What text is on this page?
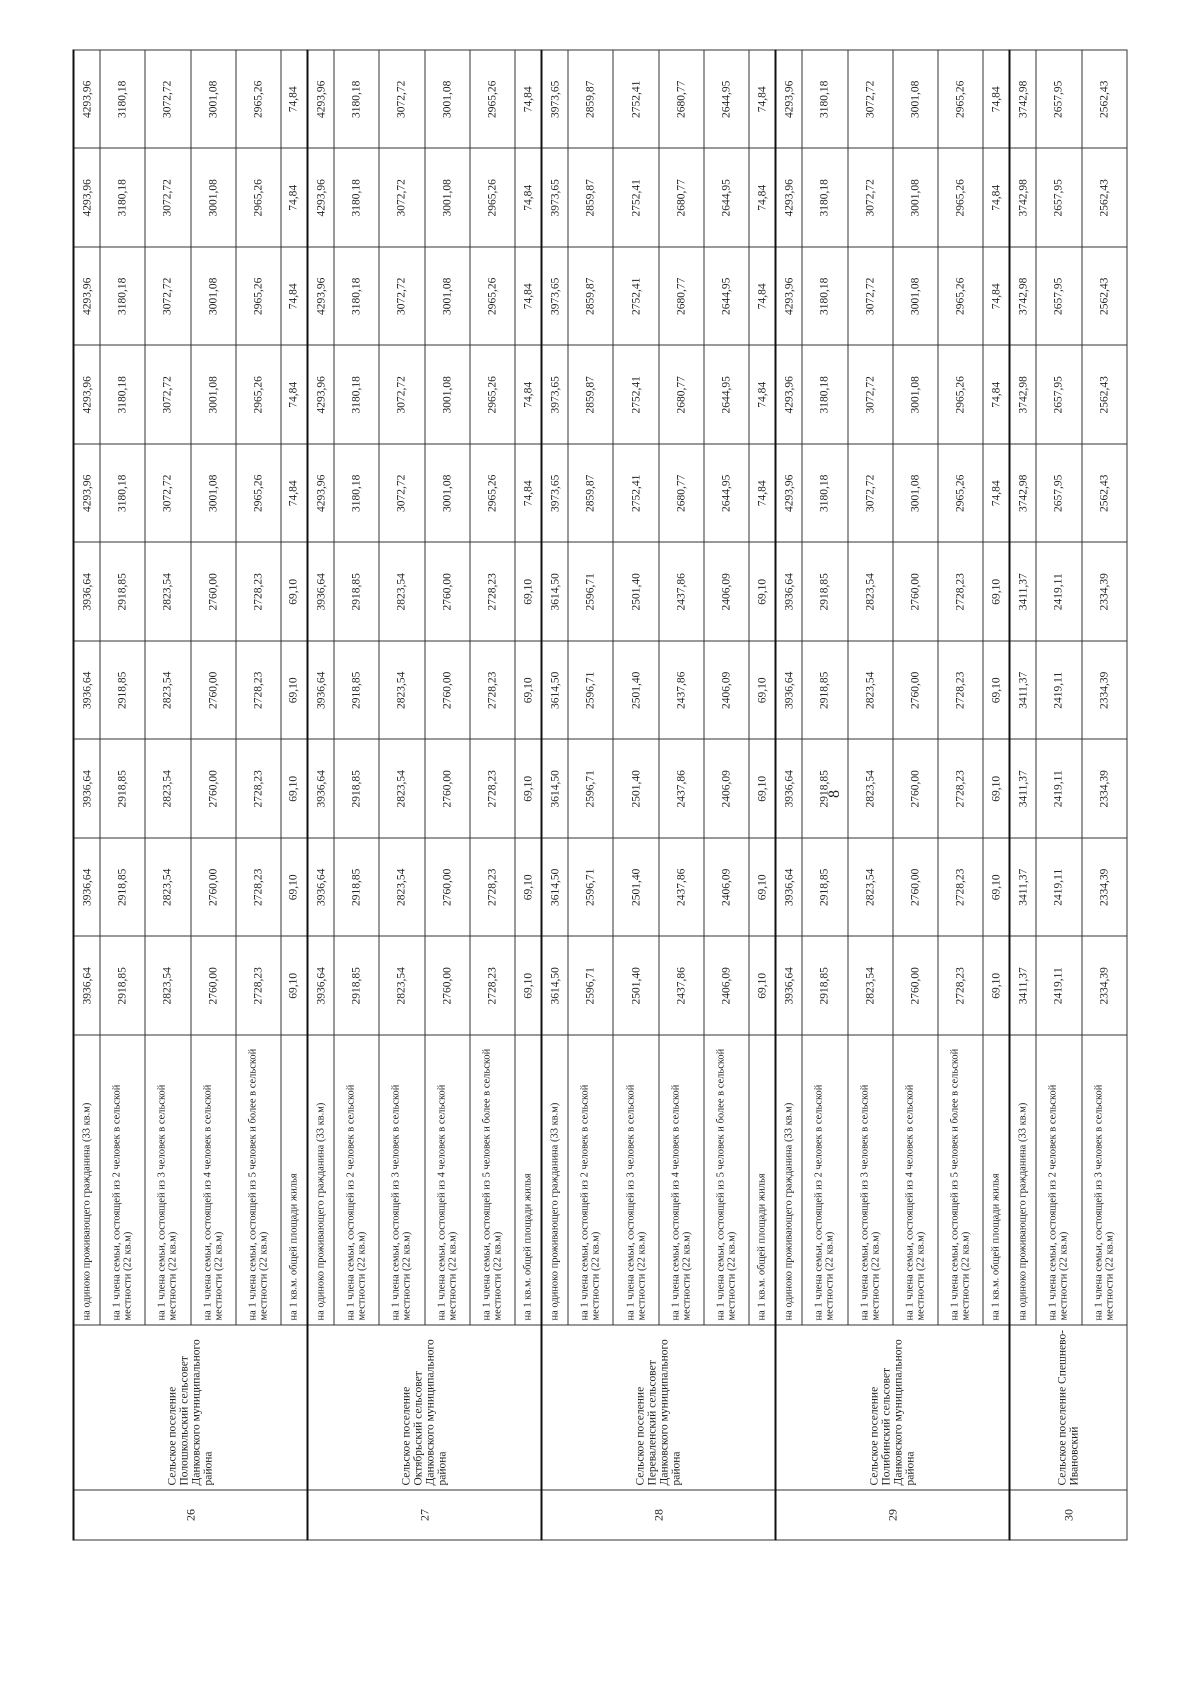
26	Сельское поселение Полошкольский сельсовет Данковского муниципального района	на одиноко проживающего гражданина (33 кв.м)	3936,64	3936,64	3936,64	3936,64	3936,64	4293,96	4293,96	4293,96	4293,96	4293,96
		на 1 члена семьи, состоящей из 2 человек в сельской местности (22 кв.м)	2918,85	2918,85	2918,85	2918,85	2918,85	3180,18	3180,18	3180,18	3180,18	3180,18
		на 1 члена семьи, состоящей из 3 человек в сельской местности (22 кв.м)	2823,54	2823,54	2823,54	2823,54	2823,54	3072,72	3072,72	3072,72	3072,72	3072,72
		на 1 члена семьи, состоящей из 4 человек в сельской местности (22 кв.м)	2760,00	2760,00	2760,00	2760,00	2760,00	3001,08	3001,08	3001,08	3001,08	3001,08
		на 1 члена семьи, состоящей из 5 человек и более в сельской местности (22 кв.м)	2728,23	2728,23	2728,23	2728,23	2728,23	2965,26	2965,26	2965,26	2965,26	2965,26
		на 1 кв.м. общей площади жилья	69,10	69,10	69,10	69,10	69,10	74,84	74,84	74,84	74,84	74,84
27	Сельское поселение Октябрьский сельсовет Данковского муниципального района	на одиноко проживающего гражданина (33 кв.м)	3936,64	3936,64	3936,64	3936,64	3936,64	4293,96	4293,96	4293,96	4293,96	4293,96
		на 1 члена семьи, состоящей из 2 человек в сельской местности (22 кв.м)	2918,85	2918,85	2918,85	2918,85	2918,85	3180,18	3180,18	3180,18	3180,18	3180,18
		на 1 члена семьи, состоящей из 3 человек в сельской местности (22 кв.м)	2823,54	2823,54	2823,54	2823,54	2823,54	3072,72	3072,72	3072,72	3072,72	3072,72
		на 1 члена семьи, состоящей из 4 человек в сельской местности (22 кв.м)	2760,00	2760,00	2760,00	2760,00	2760,00	3001,08	3001,08	3001,08	3001,08	3001,08
		на 1 члена семьи, состоящей из 5 человек и более в сельской местности (22 кв.м)	2728,23	2728,23	2728,23	2728,23	2728,23	2965,26	2965,26	2965,26	2965,26	2965,26
		на 1 кв.м. общей площади жилья	69,10	69,10	69,10	69,10	69,10	74,84	74,84	74,84	74,84	74,84
28	Сельское поселение Переваленский сельсовет Данковского муниципального района	на одиноко проживающего гражданина (33 кв.м)	3614,50	3614,50	3614,50	3614,50	3614,50	3973,65	3973,65	3973,65	3973,65	3973,65
		на 1 члена семьи, состоящей из 2 человек в сельской местности (22 кв.м)	2596,71	2596,71	2596,71	2596,71	2596,71	2859,87	2859,87	2859,87	2859,87	2859,87
		на 1 члена семьи, состоящей из 3 человек в сельской местности (22 кв.м)	2501,40	2501,40	2501,40	2501,40	2501,40	2752,41	2752,41	2752,41	2752,41	2752,41
		на 1 члена семьи, состоящей из 4 человек в сельской местности (22 кв.м)	2437,86	2437,86	2437,86	2437,86	2437,86	2680,77	2680,77	2680,77	2680,77	2680,77
		на 1 члена семьи, состоящей из 5 человек и более в сельской местности (22 кв.м)	2406,09	2406,09	2406,09	2406,09	2406,09	2644,95	2644,95	2644,95	2644,95	2644,95
		на 1 кв.м. общей площади жилья	69,10	69,10	69,10	69,10	69,10	74,84	74,84	74,84	74,84	74,84
29	Сельское поселение Полибинский сельсовет Данковского муниципального района	на одиноко проживающего гражданина (33 кв.м)	3936,64	3936,64	3936,64	3936,64	3936,64	4293,96	4293,96	4293,96	4293,96	4293,96
		на 1 члена семьи, состоящей из 2 человек в сельской местности (22 кв.м)	2918,85	2918,85	2918,85	2918,85	2918,85	3180,18	3180,18	3180,18	3180,18	3180,18
		на 1 члена семьи, состоящей из 3 человек в сельской местности (22 кв.м)	2823,54	2823,54	2823,54	2823,54	2823,54	3072,72	3072,72	3072,72	3072,72	3072,72
		на 1 члена семьи, состоящей из 4 человек в сельской местности (22 кв.м)	2760,00	2760,00	2760,00	2760,00	2760,00	3001,08	3001,08	3001,08	3001,08	3001,08
		на 1 члена семьи, состоящей из 5 человек и более в сельской местности (22 кв.м)	2728,23	2728,23	2728,23	2728,23	2728,23	2965,26	2965,26	2965,26	2965,26	2965,26
		на 1 кв.м. общей площади жилья	69,10	69,10	69,10	69,10	69,10	74,84	74,84	74,84	74,84	74,84
30	Сельское поселение Спешнево-Ивановский	на одиноко проживающего гражданина (33 кв.м)	3411,37	3411,37	3411,37	3411,37	3411,37	3742,98	3742,98	3742,98	3742,98	3742,98
		на 1 члена семьи, состоящей из 2 человек в сельской местности (22 кв.м)	2419,11	2419,11	2419,11	2419,11	2419,11	2657,95	2657,95	2657,95	2657,95	2657,95
		на 1 члена семьи, состоящей из 3 человек в сельской местности (22 кв.м)	2334,39	2334,39	2334,39	2334,39	2334,39	2562,43	2562,43	2562,43	2562,43	2562,43
8
